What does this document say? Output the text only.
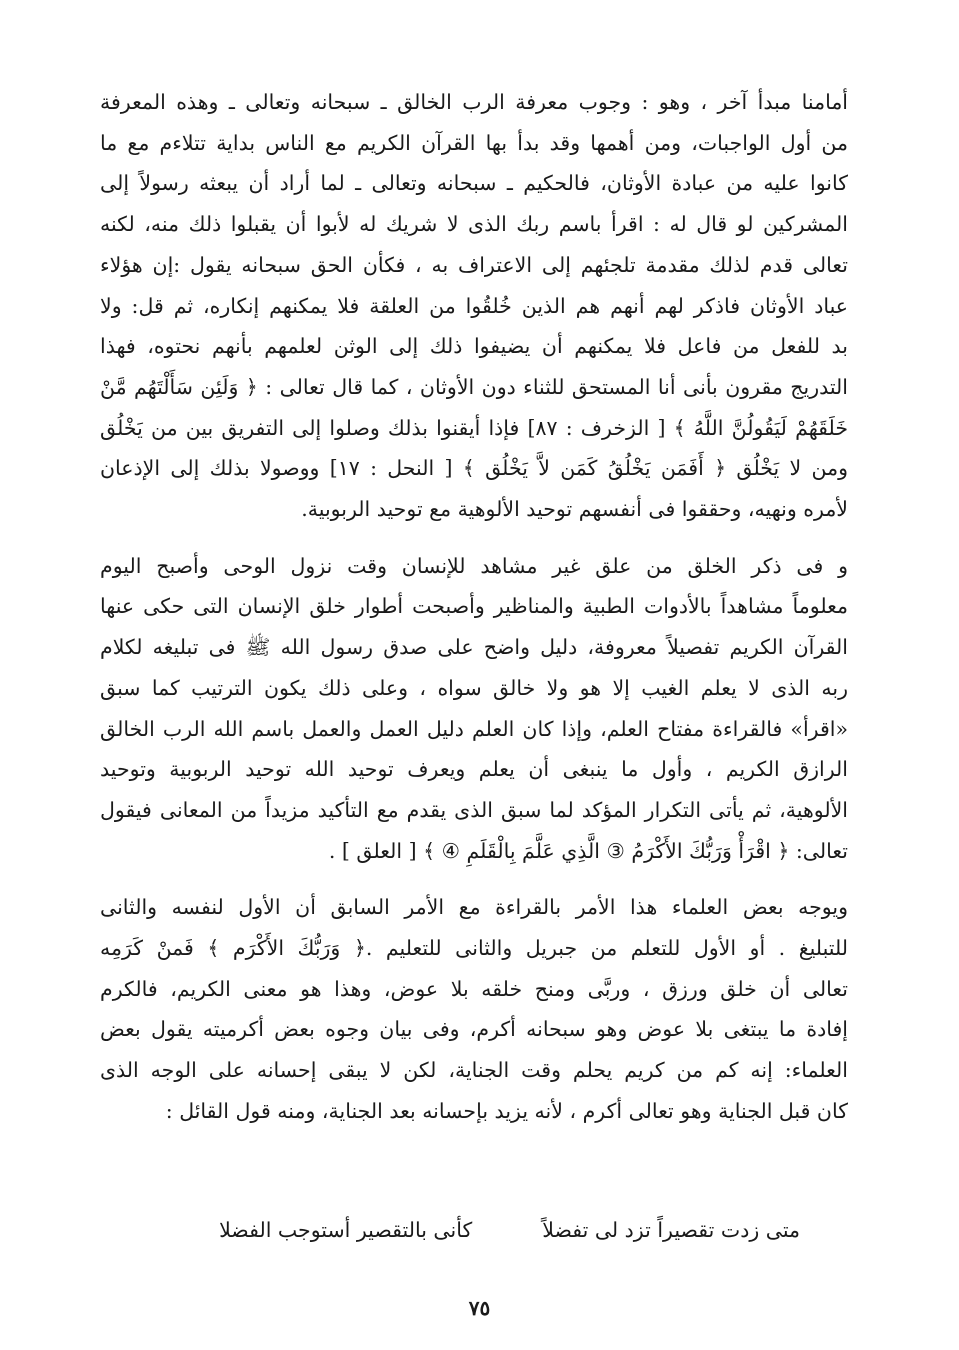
أمامنا مبدأ آخر ، وهو : وجوب معرفة الرب الخالق ـ سبحانه وتعالى ـ وهذه المعرفة
من أول الواجبات، ومن أهمها وقد بدأ بها القرآن الكريم مع الناس بداية تتلاءم مع ما
كانوا عليه من عبادة الأوثان، فالحكيم ـ سبحانه وتعالى ـ لما أراد أن يبعثه رسولاً إلى
المشركين لو قال له : اقرأ باسم ربك الذى لا شريك له لأبوا أن يقبلوا ذلك منه، لكنه
تعالى قدم لذلك مقدمة تلجئهم إلى الاعتراف به ، فكأن الحق سبحانه يقول :إن هؤلاء
عباد الأوثان فاذكر لهم أنهم هم الذين خُلقُوا من العلقة فلا يمكنهم إنكاره، ثم قل: ولا
بد للفعل من فاعل فلا يمكنهم أن يضيفوا ذلك إلى الوثن لعلمهم بأنهم نحتوه، فهذا
التدريج مقرون بأنى أنا المستحق للثناء دون الأوثان ، كما قال تعالى : ﴿ وَلَئِن سَأَلْتَهُم مَّنْ
خَلَقَهُمْ لَيَقُولُنَّ اللَّهُ ﴾ [ الزخرف : ٨٧] فإذا أيقنوا بذلك وصلوا إلى التفريق بين من يَخْلُق
ومن لا يَخْلُق ﴿ أَفَمَن يَخْلُقُ كَمَن لاَّ يَخْلُق ﴾ [ النحل : ١٧] ووصولا بذلك إلى الإذعان
لأمره ونهيه، وحققوا فى أنفسهم توحيد الألوهية مع توحيد الربوبية.

و فى ذكر الخلق من علق غير مشاهد للإنسان وقت نزول الوحى وأصبح اليوم
معلوماً مشاهداً بالأدوات الطبية والمناظير وأصبحت أطوار خلق الإنسان التى حكى عنها
القرآن الكريم تفصيلاً معروفة، دليل واضح على صدق رسول الله ﷺ فى تبليغه لكلام
ربه الذى لا يعلم الغيب إلا هو ولا خالق سواه ، وعلى ذلك يكون الترتيب كما سبق
«اقرأ» فالقراءة مفتاح العلم، وإذا كان العلم دليل العمل والعمل باسم الله الرب الخالق
الرازق الكريم ، وأول ما ينبغى أن يعلم ويعرف توحيد الله توحيد الربوبية وتوحيد
الألوهية، ثم يأتى التكرار المؤكد لما سبق الذى يقدم مع التأكيد مزيداً من المعانى فيقول
تعالى: ﴿ اقْرَأْ وَرَبُّكَ الأَكْرَمُ ③ الَّذِي عَلَّمَ بِالْقَلَمِ ④ ﴾ [ العلق ] .

ويوجه بعض العلماء هذا الأمر بالقراءة مع الأمر السابق أن الأول لنفسه والثانى
للتبليغ . أو الأول للتعلم من جبريل والثانى للتعليم .﴿ وَرَبُّكَ الأَكْرَم ﴾ فَمنْ كَرَمِه
تعالى أن خلق ورزق ، وربَّى ومنح خلقه بلا عوض، وهذا هو معنى الكريم، فالكرم
إفادة ما يبتغى بلا عوض وهو سبحانه أكرم، وفى بيان وجوه بعض أكرميته يقول بعض
العلماء: إنه كم من كريم يحلم وقت الجناية، لكن لا يبقى إحسانه على الوجه الذى
كان قبل الجناية وهو تعالى أكرم ، لأنه يزيد بإحسانه بعد الجناية، ومنه قول القائل :

متى زدت تقصيراً تزد لى تفضلاً
كأنى بالتقصير أستوجب الفضلا
٧٥
